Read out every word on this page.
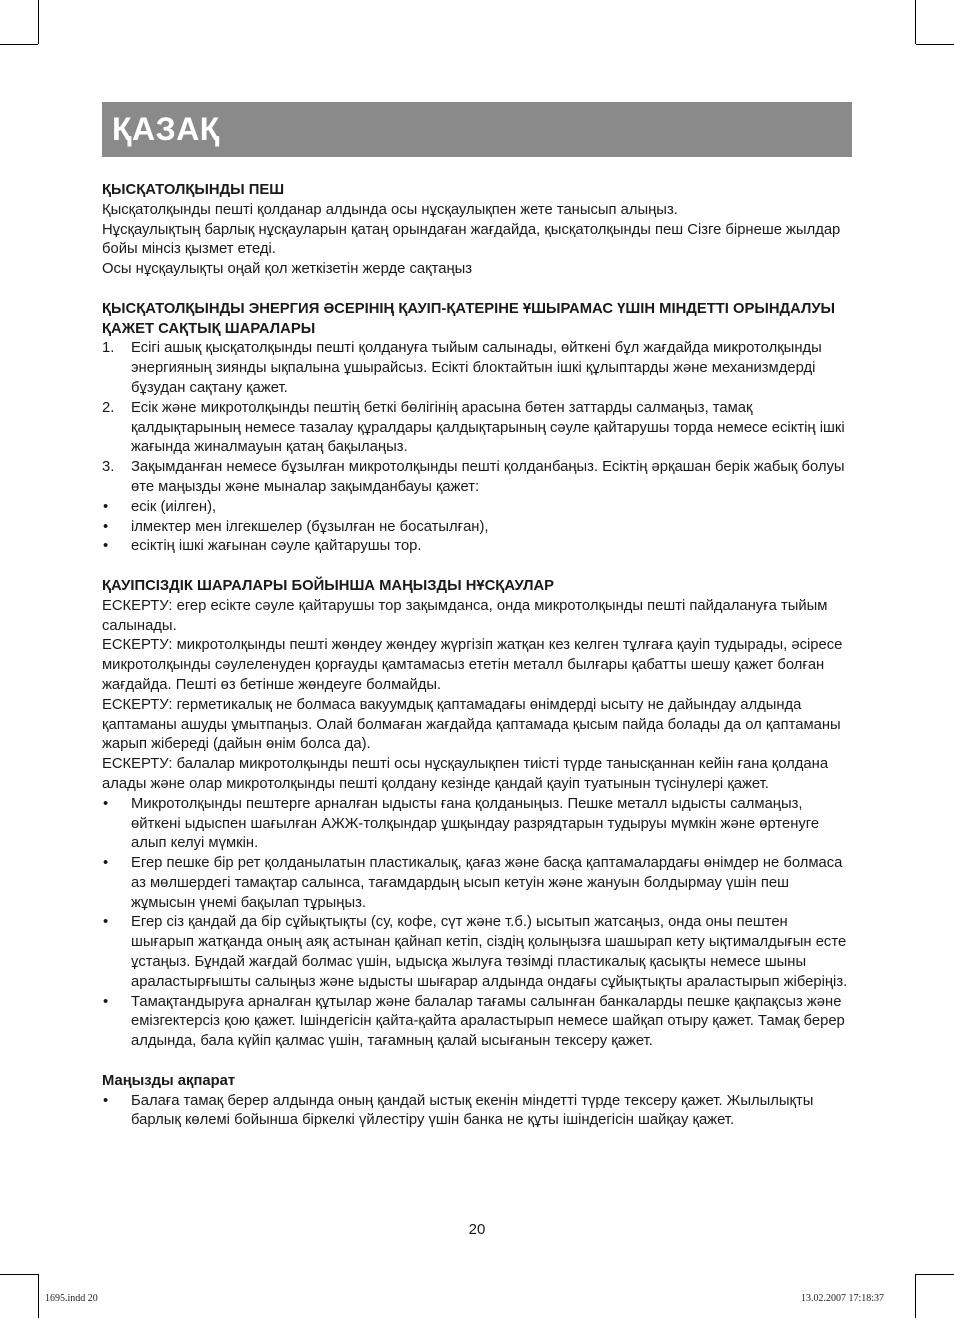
ҚАЗАҚ

ҚЫСҚАТОЛҚЫНДЫ ПЕШ

Қысқатолқынды пешті қолданар алдында осы нұсқаулықпен жете танысып алыңыз.

Нұсқаулықтың барлық нұсқауларын қатаң орындаған жағдайда, қысқатолқынды пеш Сізге бірнеше жылдар бойы мінсіз қызмет етеді.

Осы нұсқаулықты оңай қол жеткізетін жерде сақтаңыз

ҚЫСҚАТОЛҚЫНДЫ ЭНЕРГИЯ ӘСЕРІНІҢ ҚАУІП-ҚАТЕРІНЕ ҰШЫРАМАС ҮШІН МІНДЕТТІ ОРЫНДАЛУЫ ҚАЖЕТ САҚТЫҚ ШАРАЛАРЫ

1. Есігі ашық қысқатолқынды пешті қолдануға тыйым салынады, өйткені бұл жағдайда микротолқынды энергияның зиянды ықпалына ұшырайсыз. Есікті блоктайтын ішкі құлыптарды және механизмдерді бұзудан сақтану қажет.
2. Есік және микротолқынды пештің беткі бөлігінің арасына бөтен заттарды салмаңыз, тамақ қалдықтарының немесе тазалау құралдары қалдықтарының сәуле қайтарушы торда немесе есіктің ішкі жағында жиналмауын қатаң бақылаңыз.
3. Зақымданған немесе бұзылған микротолқынды пешті қолданбаңыз. Есіктің әрқашан берік жабық болуы өте маңызды және мыналар зақымданбауы қажет:
• есік (иілген),
• ілмектер мен ілгекшелер (бұзылған не босатылған),
• есіктің ішкі жағынан сәуле қайтарушы тор.

ҚАУІПСІЗДІК ШАРАЛАРЫ БОЙЫНША МАҢЫЗДЫ НҰСҚАУЛАР

ЕСКЕРТУ: егер есікте сәуле қайтарушы тор зақымданса, онда микротолқынды пешті пайдалануға тыйым салынады.

ЕСКЕРТУ: микротолқынды пешті жөндеу жөндеу жүргізіп жатқан кез келген тұлғаға қауіп тудырады, әсіресе микротолқынды сәулеленуден қорғауды қамтамасыз ететін металл былғары қабатты шешу қажет болған жағдайда. Пешті өз бетінше жөндеуге болмайды.

ЕСКЕРТУ: герметикалық не болмаса вакуумдық қаптамадағы өнімдерді ысыту не дайындау алдында қаптаманы ашуды ұмытпаңыз. Олай болмаған жағдайда қаптамада қысым пайда болады да ол қаптаманы жарып жібереді (дайын өнім болса да).

ЕСКЕРТУ: балалар микротолқынды пешті осы нұсқаулықпен тиісті түрде танысқаннан кейін ғана қолдана алады және олар микротолқынды пешті қолдану кезінде қандай қауіп туатынын түсінулері қажет.

• Микротолқынды пештерге арналған ыдысты ғана қолданыңыз. Пешке металл ыдысты салмаңыз, өйткені ыдыспен шағылған АЖЖ-толқындар ұшқындау разрядтарын тудыруы мүмкін және өртенуге алып келуі мүмкін.
• Егер пешке бір рет қолданылатын пластикалық, қағаз және басқа қаптамалардағы өнімдер не болмаса аз мөлшердегі тамақтар салынса, тағамдардың ысып кетуін және жануын болдырмау үшін пеш жұмысын үнемі бақылап тұрыңыз.
• Егер сіз қандай да бір сұйықтықты (су, кофе, сүт және т.б.) ысытып жатсаңыз, онда оны пештен шығарып жатқанда оның аяқ астынан қайнап кетіп, сіздің қолыңызға шашырап кету ықтималдығын есте ұстаңыз. Бұндай жағдай болмас үшін, ыдысқа жылуға төзімді пластикалық қасықты немесе шыны араластырғышты салыңыз және ыдысты шығарар алдында ондағы сұйықтықты араластырып жіберіңіз.
• Тамақтандыруға арналған құтылар және балалар тағамы салынған банкаларды пешке қақпақсыз және емізгектерсіз қою қажет. Ішіндегісін қайта-қайта араластырып немесе шайқап отыру қажет. Тамақ берер алдында, бала күйіп қалмас үшін, тағамның қалай ысығанын тексеру қажет.

Маңызды ақпарат

• Балаға тамақ берер алдында оның қандай ыстық екенін міндетті түрде тексеру қажет. Жылылықты барлық көлемі бойынша біркелкі үйлестіру үшін банка не құты ішіндегісін шайқау қажет.
20
1695.indd 20	13.02.2007 17:18:37
